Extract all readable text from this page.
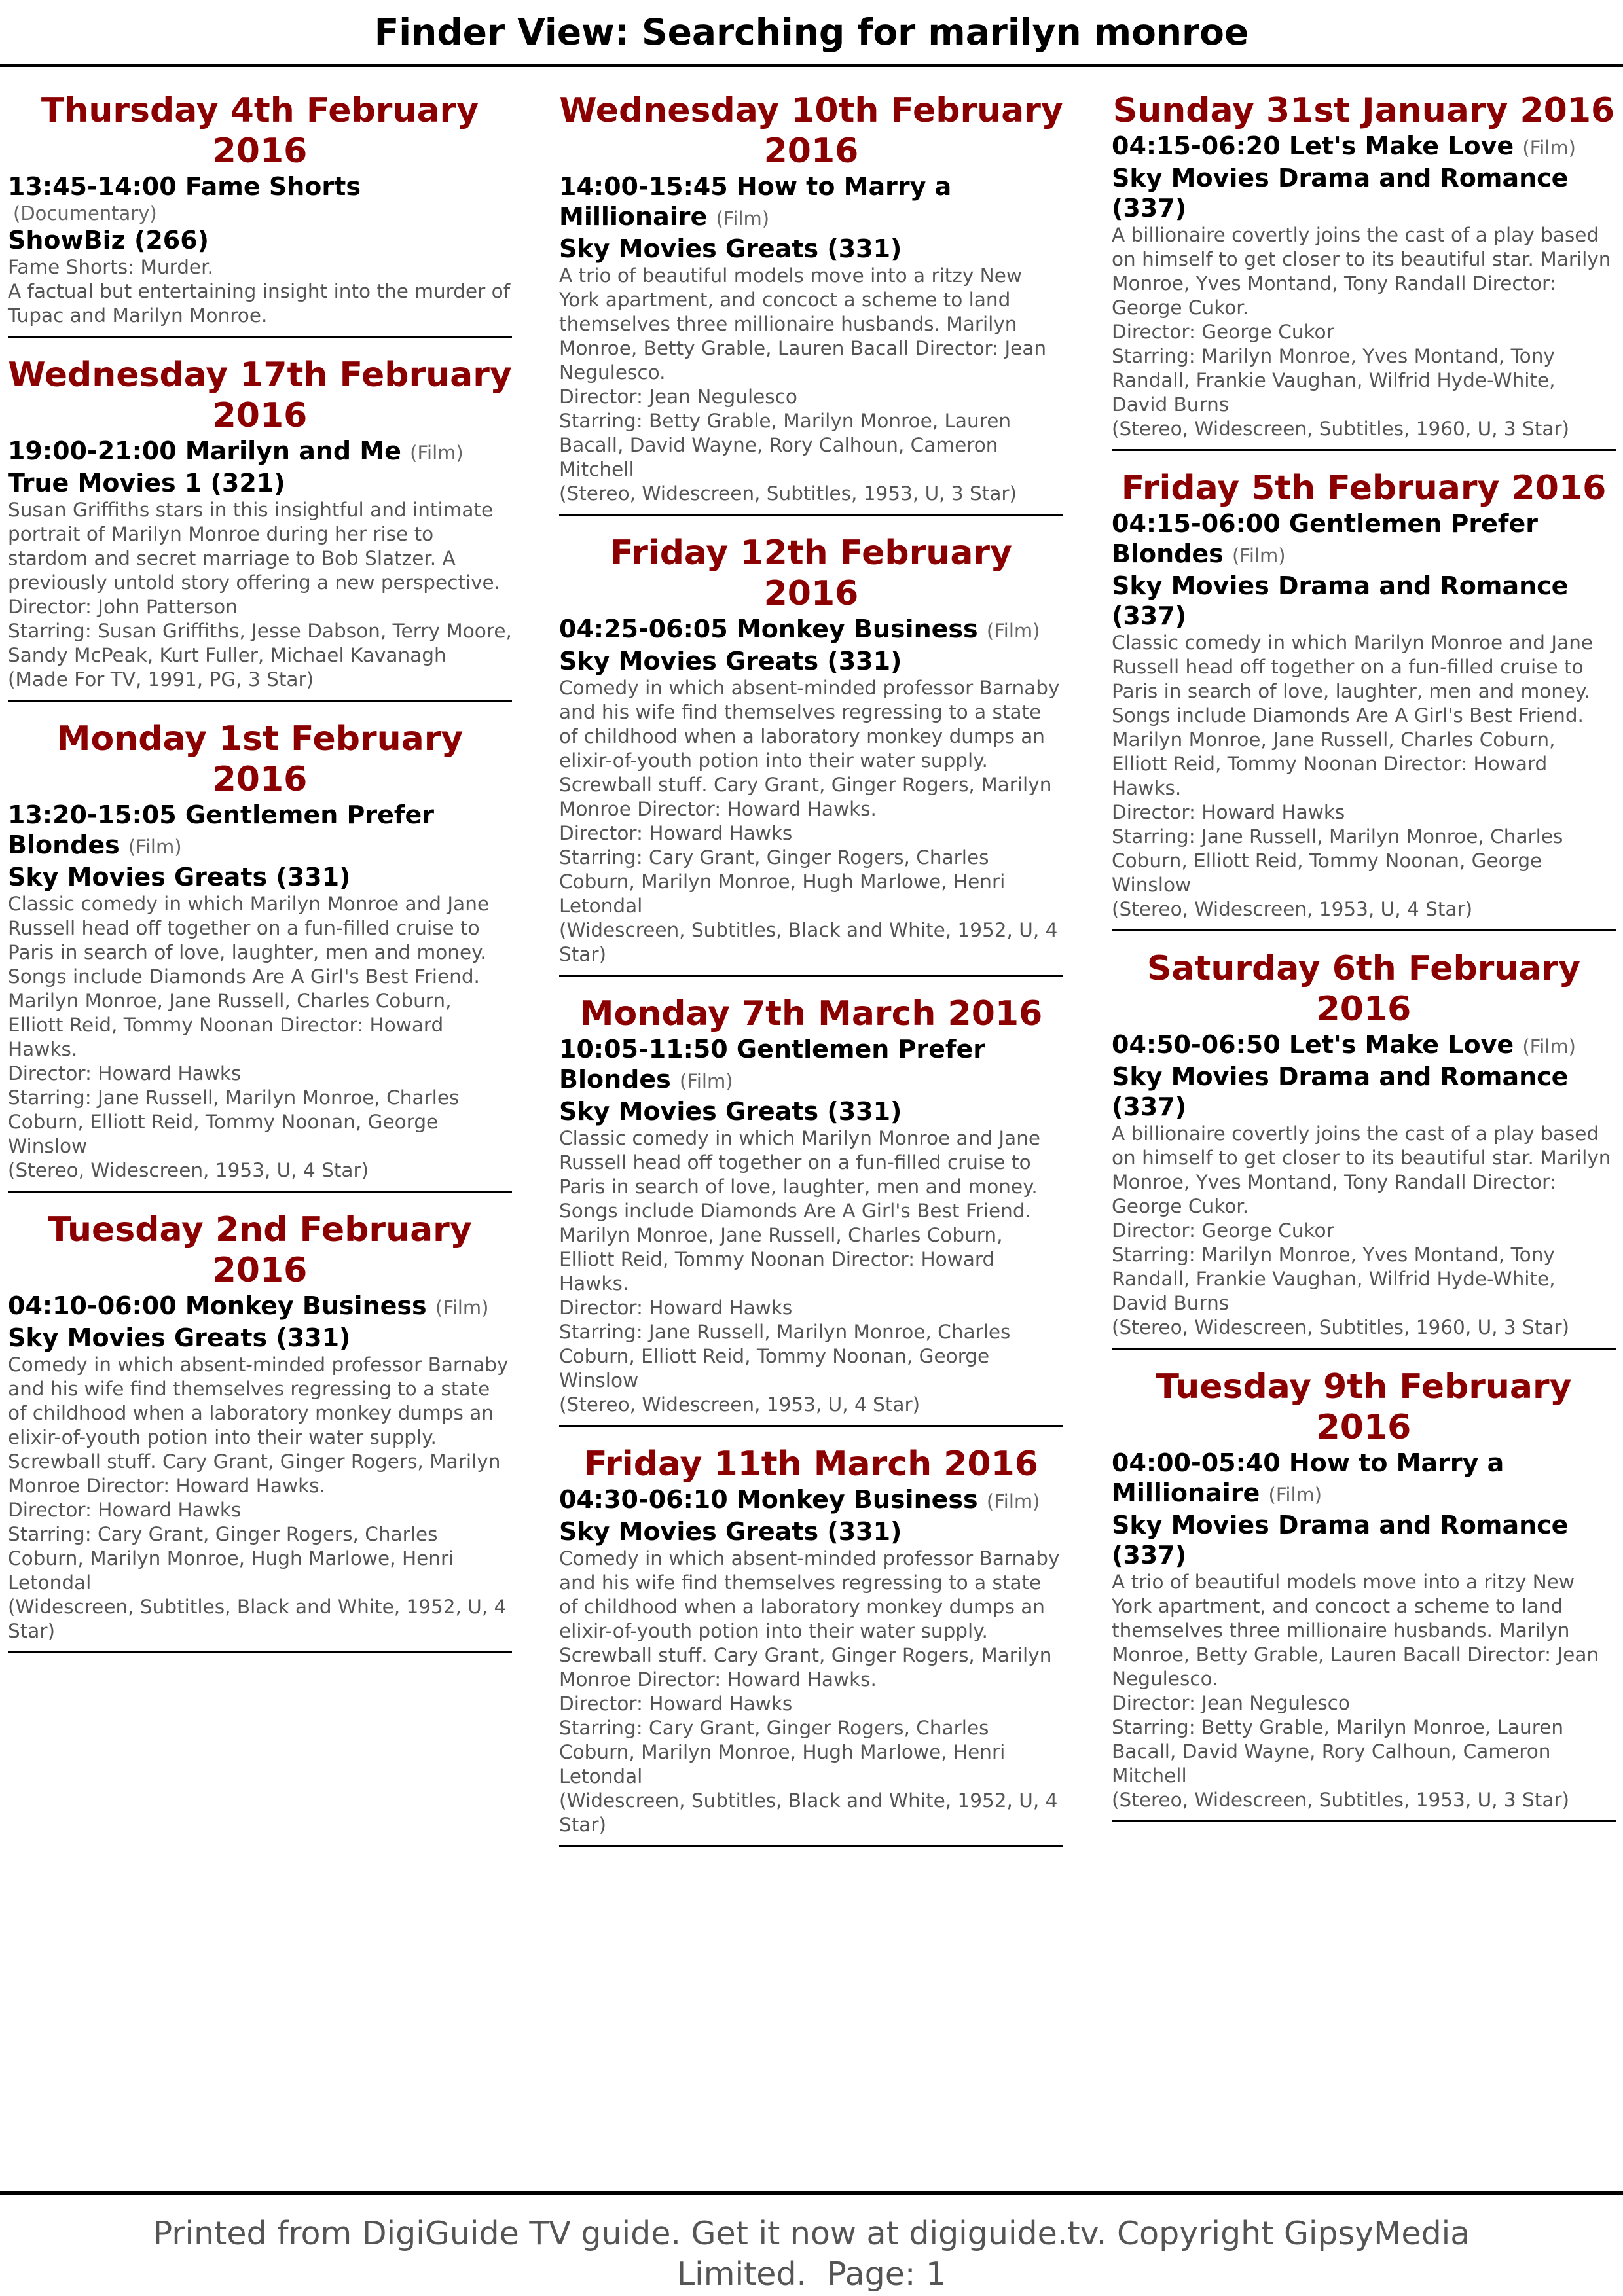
Finder View: Searching for marilyn monroe
Thursday 4th February 2016
13:45-14:00 Fame Shorts
(Documentary)
ShowBiz (266)
Fame Shorts: Murder.
A factual but entertaining insight into the murder of Tupac and Marilyn Monroe.
Wednesday 17th February 2016
19:00-21:00 Marilyn and Me (Film)
True Movies 1 (321)
Susan Griffiths stars in this insightful and intimate portrait of Marilyn Monroe during her rise to stardom and secret marriage to Bob Slatzer. A previously untold story offering a new perspective.
Director: John Patterson
Starring: Susan Griffiths, Jesse Dabson, Terry Moore, Sandy McPeak, Kurt Fuller, Michael Kavanagh
(Made For TV, 1991, PG, 3 Star)
Monday 1st February 2016
13:20-15:05 Gentlemen Prefer Blondes (Film)
Sky Movies Greats (331)
Classic comedy in which Marilyn Monroe and Jane Russell head off together on a fun-filled cruise to Paris in search of love, laughter, men and money. Songs include Diamonds Are A Girl's Best Friend. Marilyn Monroe, Jane Russell, Charles Coburn, Elliott Reid, Tommy Noonan Director: Howard Hawks.
Director: Howard Hawks
Starring: Jane Russell, Marilyn Monroe, Charles Coburn, Elliott Reid, Tommy Noonan, George Winslow
(Stereo, Widescreen, 1953, U, 4 Star)
Tuesday 2nd February 2016
04:10-06:00 Monkey Business (Film)
Sky Movies Greats (331)
Comedy in which absent-minded professor Barnaby and his wife find themselves regressing to a state of childhood when a laboratory monkey dumps an elixir-of-youth potion into their water supply. Screwball stuff. Cary Grant, Ginger Rogers, Marilyn Monroe Director: Howard Hawks.
Director: Howard Hawks
Starring: Cary Grant, Ginger Rogers, Charles Coburn, Marilyn Monroe, Hugh Marlowe, Henri Letondal
(Widescreen, Subtitles, Black and White, 1952, U, 4 Star)
Wednesday 10th February 2016
14:00-15:45 How to Marry a Millionaire (Film)
Sky Movies Greats (331)
A trio of beautiful models move into a ritzy New York apartment, and concoct a scheme to land themselves three millionaire husbands. Marilyn Monroe, Betty Grable, Lauren Bacall Director: Jean Negulesco.
Director: Jean Negulesco
Starring: Betty Grable, Marilyn Monroe, Lauren Bacall, David Wayne, Rory Calhoun, Cameron Mitchell
(Stereo, Widescreen, Subtitles, 1953, U, 3 Star)
Friday 12th February 2016
04:25-06:05 Monkey Business (Film)
Sky Movies Greats (331)
Comedy in which absent-minded professor Barnaby and his wife find themselves regressing to a state of childhood when a laboratory monkey dumps an elixir-of-youth potion into their water supply. Screwball stuff. Cary Grant, Ginger Rogers, Marilyn Monroe Director: Howard Hawks.
Director: Howard Hawks
Starring: Cary Grant, Ginger Rogers, Charles Coburn, Marilyn Monroe, Hugh Marlowe, Henri Letondal
(Widescreen, Subtitles, Black and White, 1952, U, 4 Star)
Monday 7th March 2016
10:05-11:50 Gentlemen Prefer Blondes (Film)
Sky Movies Greats (331)
Classic comedy in which Marilyn Monroe and Jane Russell head off together on a fun-filled cruise to Paris in search of love, laughter, men and money. Songs include Diamonds Are A Girl's Best Friend. Marilyn Monroe, Jane Russell, Charles Coburn, Elliott Reid, Tommy Noonan Director: Howard Hawks.
Director: Howard Hawks
Starring: Jane Russell, Marilyn Monroe, Charles Coburn, Elliott Reid, Tommy Noonan, George Winslow
(Stereo, Widescreen, 1953, U, 4 Star)
Friday 11th March 2016
04:30-06:10 Monkey Business (Film)
Sky Movies Greats (331)
Comedy in which absent-minded professor Barnaby and his wife find themselves regressing to a state of childhood when a laboratory monkey dumps an elixir-of-youth potion into their water supply. Screwball stuff. Cary Grant, Ginger Rogers, Marilyn Monroe Director: Howard Hawks.
Director: Howard Hawks
Starring: Cary Grant, Ginger Rogers, Charles Coburn, Marilyn Monroe, Hugh Marlowe, Henri Letondal
(Widescreen, Subtitles, Black and White, 1952, U, 4 Star)
Sunday 31st January 2016
04:15-06:20 Let's Make Love (Film)
Sky Movies Drama and Romance (337)
A billionaire covertly joins the cast of a play based on himself to get closer to its beautiful star. Marilyn Monroe, Yves Montand, Tony Randall Director: George Cukor.
Director: George Cukor
Starring: Marilyn Monroe, Yves Montand, Tony Randall, Frankie Vaughan, Wilfrid Hyde-White, David Burns
(Stereo, Widescreen, Subtitles, 1960, U, 3 Star)
Friday 5th February 2016
04:15-06:00 Gentlemen Prefer Blondes (Film)
Sky Movies Drama and Romance (337)
Classic comedy in which Marilyn Monroe and Jane Russell head off together on a fun-filled cruise to Paris in search of love, laughter, men and money. Songs include Diamonds Are A Girl's Best Friend. Marilyn Monroe, Jane Russell, Charles Coburn, Elliott Reid, Tommy Noonan Director: Howard Hawks.
Director: Howard Hawks
Starring: Jane Russell, Marilyn Monroe, Charles Coburn, Elliott Reid, Tommy Noonan, George Winslow
(Stereo, Widescreen, 1953, U, 4 Star)
Saturday 6th February 2016
04:50-06:50 Let's Make Love (Film)
Sky Movies Drama and Romance (337)
A billionaire covertly joins the cast of a play based on himself to get closer to its beautiful star. Marilyn Monroe, Yves Montand, Tony Randall Director: George Cukor.
Director: George Cukor
Starring: Marilyn Monroe, Yves Montand, Tony Randall, Frankie Vaughan, Wilfrid Hyde-White, David Burns
(Stereo, Widescreen, Subtitles, 1960, U, 3 Star)
Tuesday 9th February 2016
04:00-05:40 How to Marry a Millionaire (Film)
Sky Movies Drama and Romance (337)
A trio of beautiful models move into a ritzy New York apartment, and concoct a scheme to land themselves three millionaire husbands. Marilyn Monroe, Betty Grable, Lauren Bacall Director: Jean Negulesco.
Director: Jean Negulesco
Starring: Betty Grable, Marilyn Monroe, Lauren Bacall, David Wayne, Rory Calhoun, Cameron Mitchell
(Stereo, Widescreen, Subtitles, 1953, U, 3 Star)
Printed from DigiGuide TV guide. Get it now at digiguide.tv. Copyright GipsyMedia
Limited.  Page: 1
